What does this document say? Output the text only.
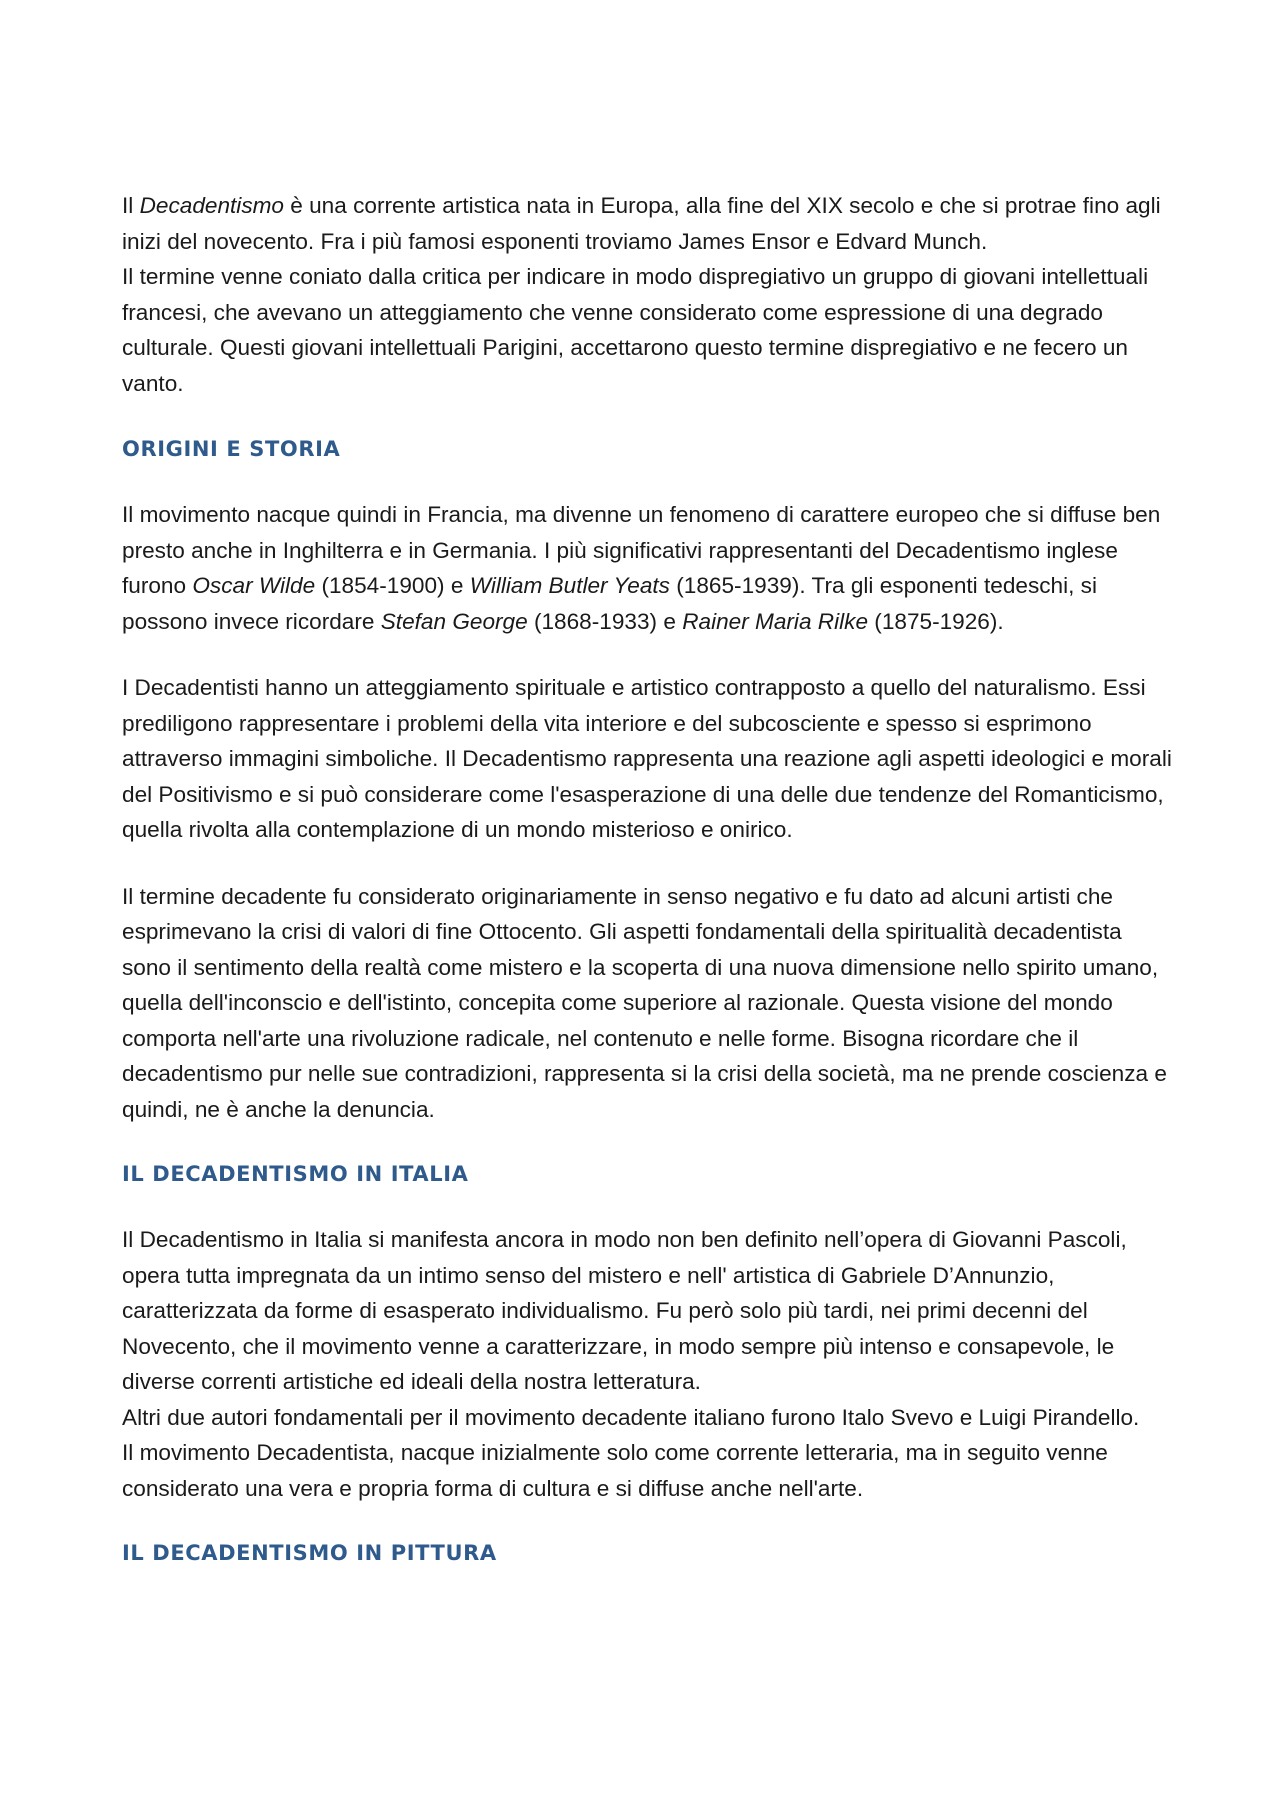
Il Decadentismo è una corrente artistica nata in Europa, alla fine del XIX secolo e che si protrae fino agli inizi del novecento. Fra i più famosi esponenti troviamo James Ensor e Edvard Munch.

Il termine venne coniato dalla critica per indicare in modo dispregiativo un gruppo di giovani intellettuali francesi, che avevano un atteggiamento che venne considerato come espressione di una degrado culturale. Questi giovani intellettuali Parigini, accettarono questo termine dispregiativo e ne fecero un vanto.

ORIGINI E STORIA

Il movimento nacque quindi in Francia, ma divenne un fenomeno di carattere europeo che si diffuse ben presto anche in Inghilterra e in Germania. I più significativi rappresentanti del Decadentismo inglese furono Oscar Wilde (1854-1900) e William Butler Yeats (1865-1939). Tra gli esponenti tedeschi, si possono invece ricordare Stefan George (1868-1933) e Rainer Maria Rilke (1875-1926).

I Decadentisti hanno un atteggiamento spirituale e artistico contrapposto a quello del naturalismo. Essi prediligono rappresentare i problemi della vita interiore e del subcosciente e spesso si esprimono attraverso immagini simboliche. Il Decadentismo rappresenta una reazione agli aspetti ideologici e morali del Positivismo e si può considerare come l'esasperazione di una delle due tendenze del Romanticismo, quella rivolta alla contemplazione di un mondo misterioso e onirico.

Il termine decadente fu considerato originariamente in senso negativo e fu dato ad alcuni artisti che esprimevano la crisi di valori di fine Ottocento. Gli aspetti fondamentali della spiritualità decadentista sono il sentimento della realtà come mistero e la scoperta di una nuova dimensione nello spirito umano, quella dell'inconscio e dell'istinto, concepita come superiore al razionale. Questa visione del mondo comporta nell'arte una rivoluzione radicale, nel contenuto e nelle forme. Bisogna ricordare che il decadentismo pur nelle sue contradizioni, rappresenta si la crisi della società, ma ne prende coscienza e quindi, ne è anche la denuncia.

IL DECADENTISMO IN ITALIA

Il Decadentismo in Italia si manifesta ancora in modo non ben definito nell’opera di Giovanni Pascoli, opera tutta impregnata da un intimo senso del mistero e nell' artistica di Gabriele D’Annunzio, caratterizzata da forme di esasperato individualismo. Fu però solo più tardi, nei primi decenni del Novecento, che il movimento venne a caratterizzare, in modo sempre più intenso e consapevole, le diverse correnti artistiche ed ideali della nostra letteratura.

Altri due autori fondamentali per il movimento decadente italiano furono Italo Svevo e Luigi Pirandello.

Il movimento Decadentista, nacque inizialmente solo come corrente letteraria, ma in seguito venne considerato una vera e propria forma di cultura e si diffuse anche nell'arte.

IL DECADENTISMO IN PITTURA
